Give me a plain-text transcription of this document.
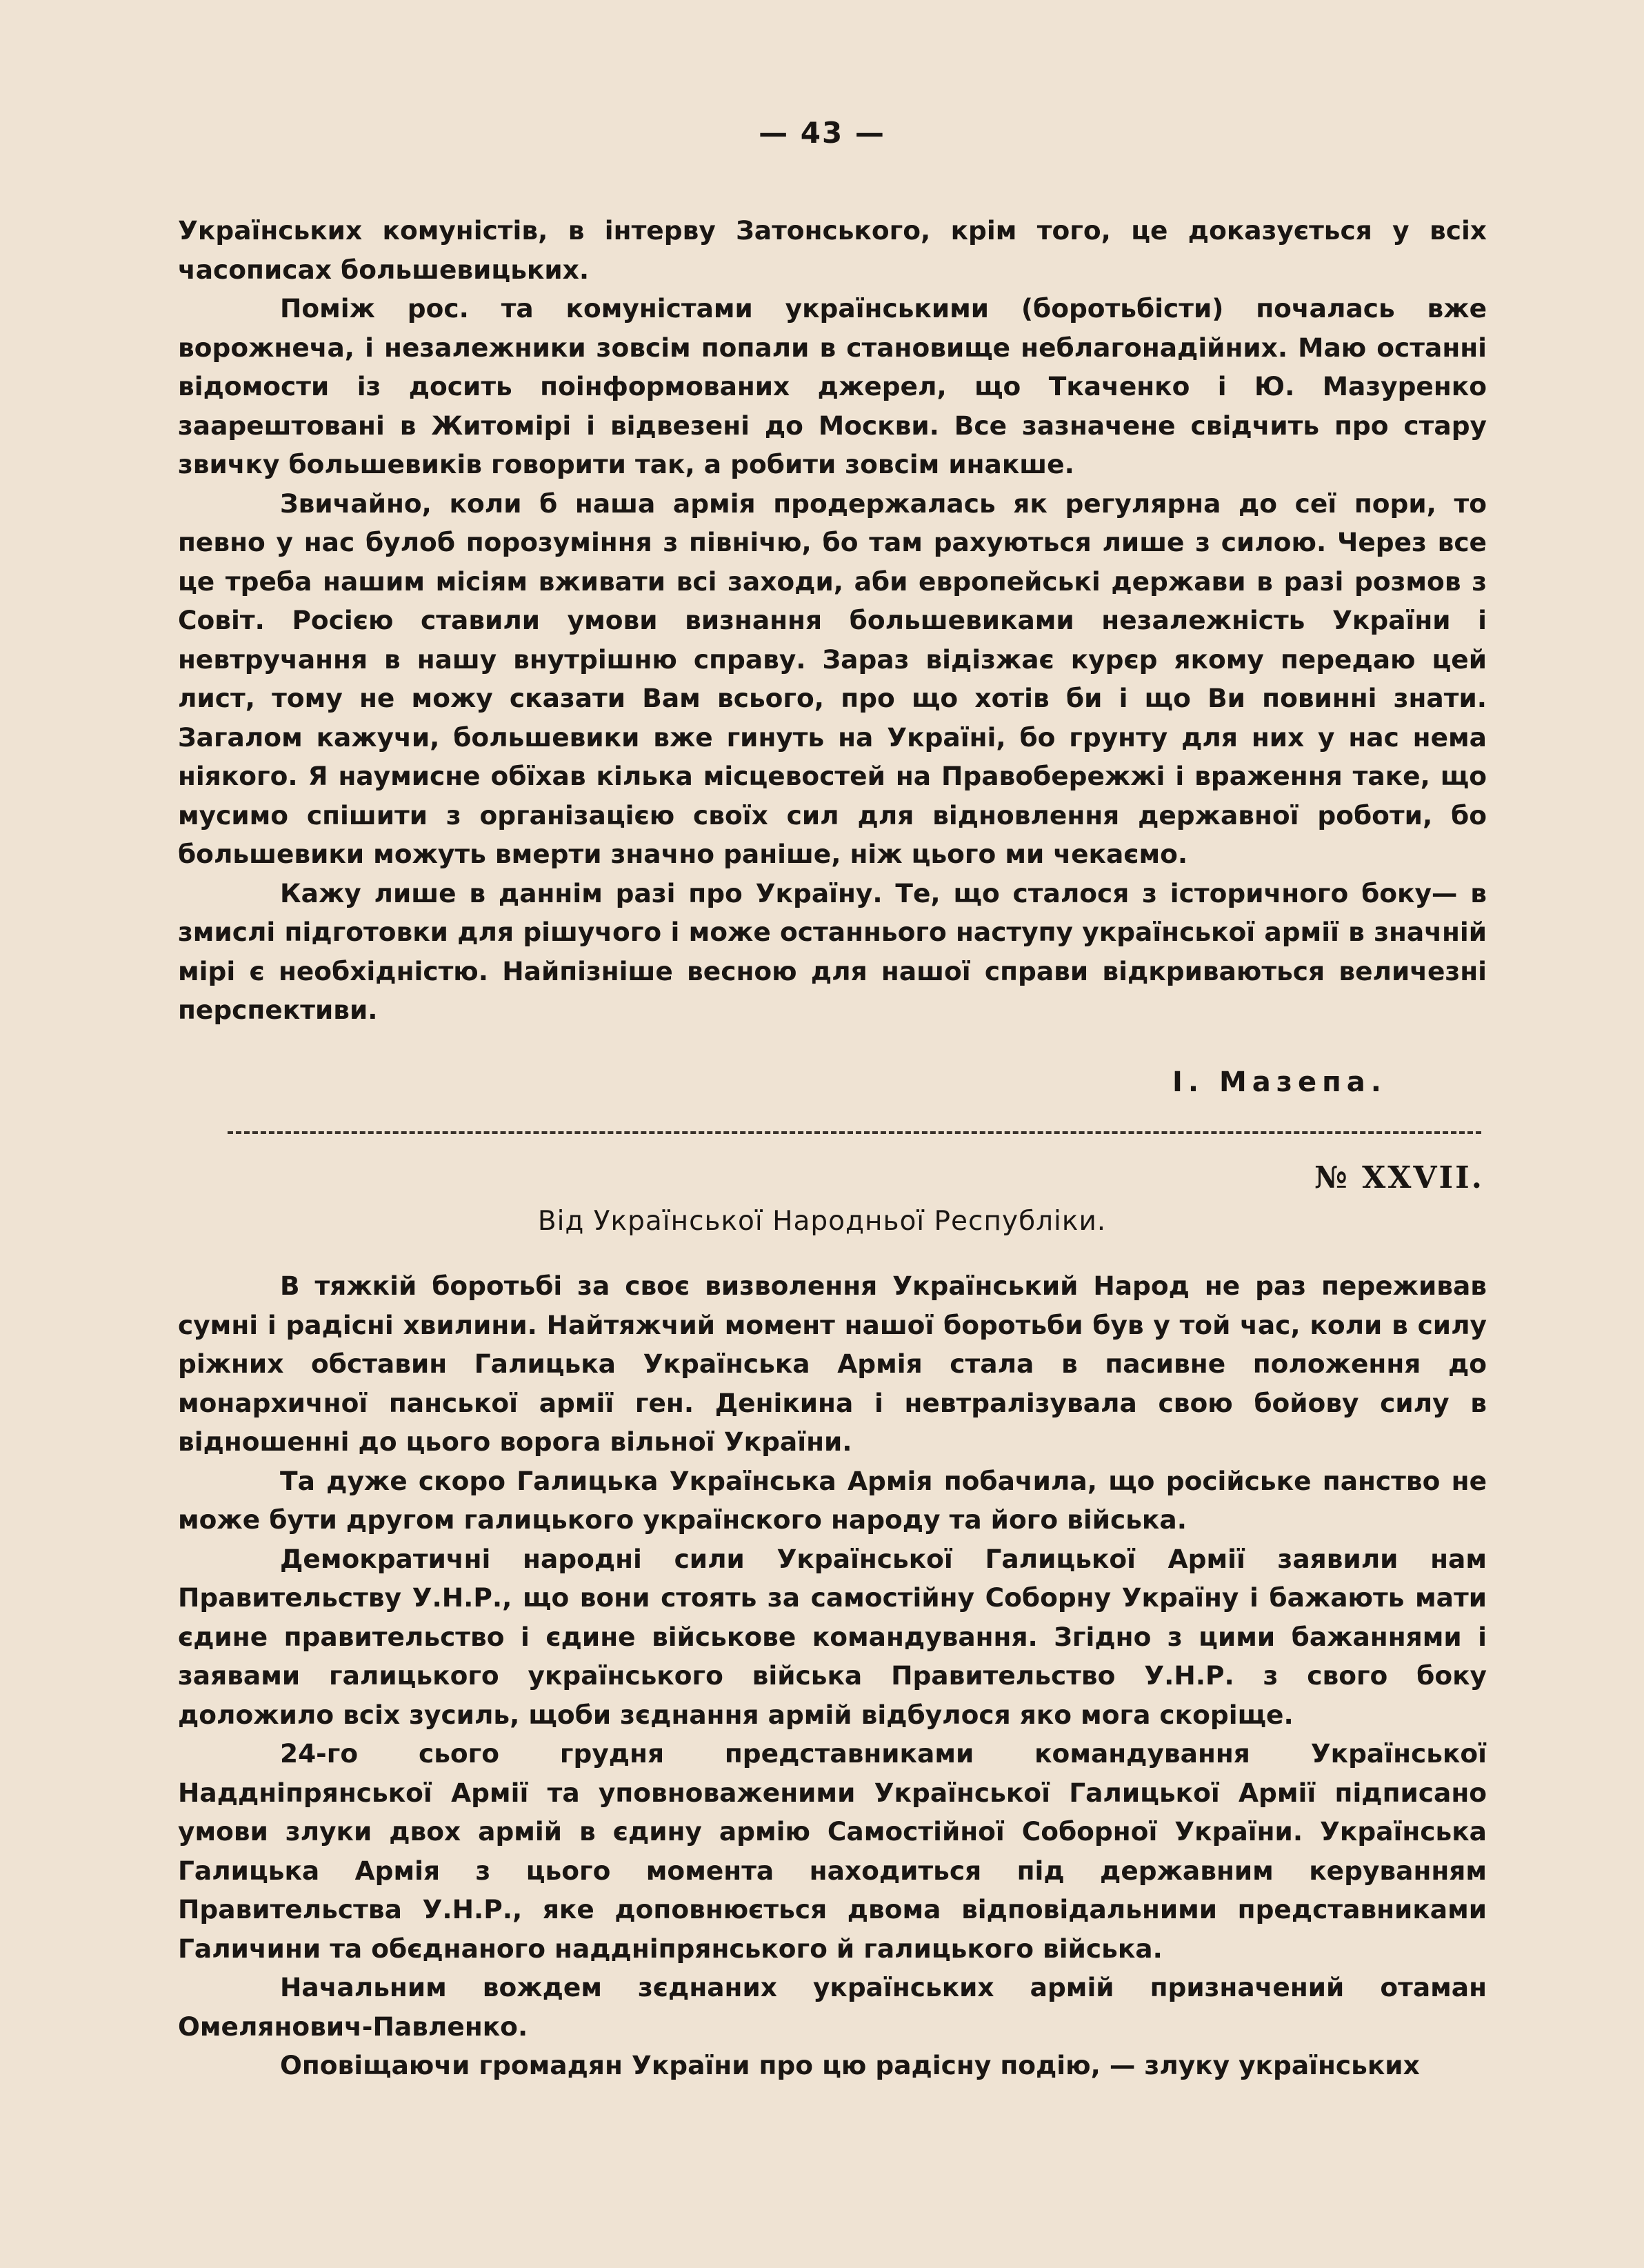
— 43 —

Українських комуністів, в інтерву Затонського, крім того, це доказується у всіх часописах большевицьких.

Поміж рос. та комуністами українськими (боротьбісти) почалась вже ворожнеча, і незалежники зовсім попали в становище неблагонадійних. Маю останні відомости із досить поінформованих джерел, що Ткаченко і Ю. Мазуренко заарештовані в Житомірі і відвезені до Москви. Все зазначене свідчить про стару звичку большевиків говорити так, а робити зовсім инакше.

Звичайно, коли б наша армія продержалась як регулярна до сеї пори, то певно у нас булоб порозуміння з північю, бо там рахуються лише з силою. Через все це треба нашим місіям вживати всі заходи, аби европейські держави в разі розмов з Совіт. Росією ставили умови визнання большевиками незалежність України і невтручання в нашу внутрішню справу. Зараз відізжає курєр якому передаю цей лист, тому не можу сказати Вам всього, про що хотів би і що Ви повинні знати. Загалом кажучи, большевики вже гинуть на Україні, бо грунту для них у нас нема ніякого. Я наумисне обїхав кілька місцевостей на Правобережжі і враження таке, що мусимо спішити з організацією своїх сил для відновлення державної роботи, бо большевики можуть вмерти значно раніше, ніж цього ми чекаємо.

Кажу лише в даннім разі про Україну. Те, що сталося з історичного боку— в змислі підготовки для рішучого і може останнього наступу української армії в значній мірі є необхідністю. Найпізніше весною для нашої справи відкриваються величезні перспективи.

І. Мазепа.
№ XXVII.
Від Української Народньої Республіки.

В тяжкій боротьбі за своє визволення Український Народ не раз переживав сумні і радісні хвилини. Найтяжчий момент нашої боротьби був у той час, коли в силу ріжних обставин Галицька Українська Армія стала в пасивне положення до монархичної панської армії ген. Денікина і невтралізувала свою бойову силу в відношенні до цього ворога вільної України.

Та дуже скоро Галицька Українська Армія побачила, що російське панство не може бути другом галицького українского народу та його війська.

Демократичні народні сили Української Галицької Армії заявили нам Правительству У.Н.Р., що вони стоять за самостійну Соборну Україну і бажають мати єдине правительство і єдине військове командування. Згідно з цими бажаннями і заявами галицького українського війська Правительство У.Н.Р. з свого боку доложило всіх зусиль, щоби зєднання армій відбулося яко мога скоріще.

24-го сього грудня представниками командування Української Наддніпрянської Армії та уповноваженими Української Галицької Армії підписано умови злуки двох армій в єдину армію Самостійної Соборної України. Українська Галицька Армія з цього момента находиться під державним керуванням Правительства У.Н.Р., яке доповнюється двома відповідальними представниками Галичини та обєднаного наддніпрянського й галицького війська.

Начальним вождем зєднаних українських армій призначений отаман Омелянович-Павленко.

Оповіщаючи громадян України про цю радісну подію, — злуку українських
